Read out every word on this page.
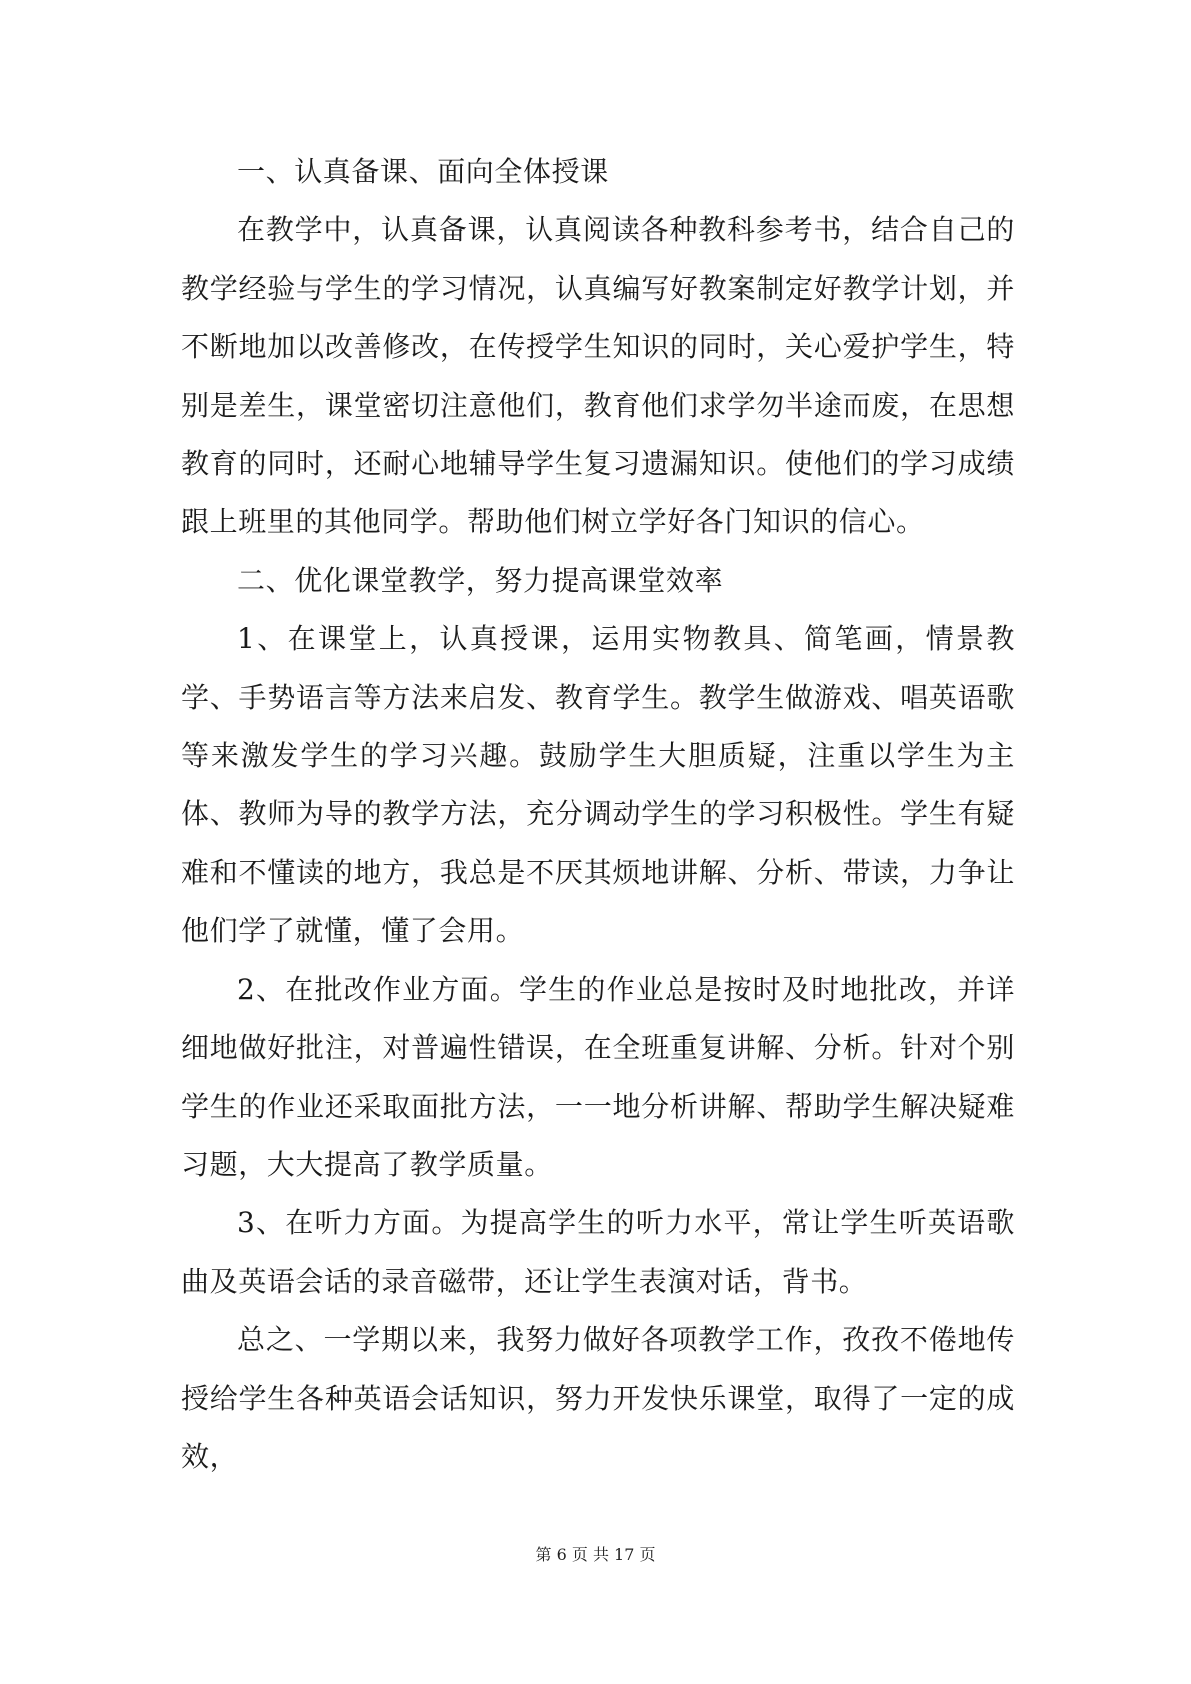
一、认真备课、面向全体授课

在教学中，认真备课，认真阅读各种教科参考书，结合自己的教学经验与学生的学习情况，认真编写好教案制定好教学计划，并不断地加以改善修改，在传授学生知识的同时，关心爱护学生，特别是差生，课堂密切注意他们，教育他们求学勿半途而废，在思想教育的同时，还耐心地辅导学生复习遗漏知识。使他们的学习成绩跟上班里的其他同学。帮助他们树立学好各门知识的信心。

二、优化课堂教学，努力提高课堂效率

1、在课堂上，认真授课，运用实物教具、简笔画，情景教学、手势语言等方法来启发、教育学生。教学生做游戏、唱英语歌等来激发学生的学习兴趣。鼓励学生大胆质疑，注重以学生为主体、教师为导的教学方法，充分调动学生的学习积极性。学生有疑难和不懂读的地方，我总是不厌其烦地讲解、分析、带读，力争让他们学了就懂，懂了会用。

2、在批改作业方面。学生的作业总是按时及时地批改，并详细地做好批注，对普遍性错误，在全班重复讲解、分析。针对个别学生的作业还采取面批方法，一一地分析讲解、帮助学生解决疑难习题，大大提高了教学质量。

3、在听力方面。为提高学生的听力水平，常让学生听英语歌曲及英语会话的录音磁带，还让学生表演对话，背书。

总之、一学期以来，我努力做好各项教学工作，孜孜不倦地传授给学生各种英语会话知识，努力开发快乐课堂，取得了一定的成效，

第 6 页 共 17 页
